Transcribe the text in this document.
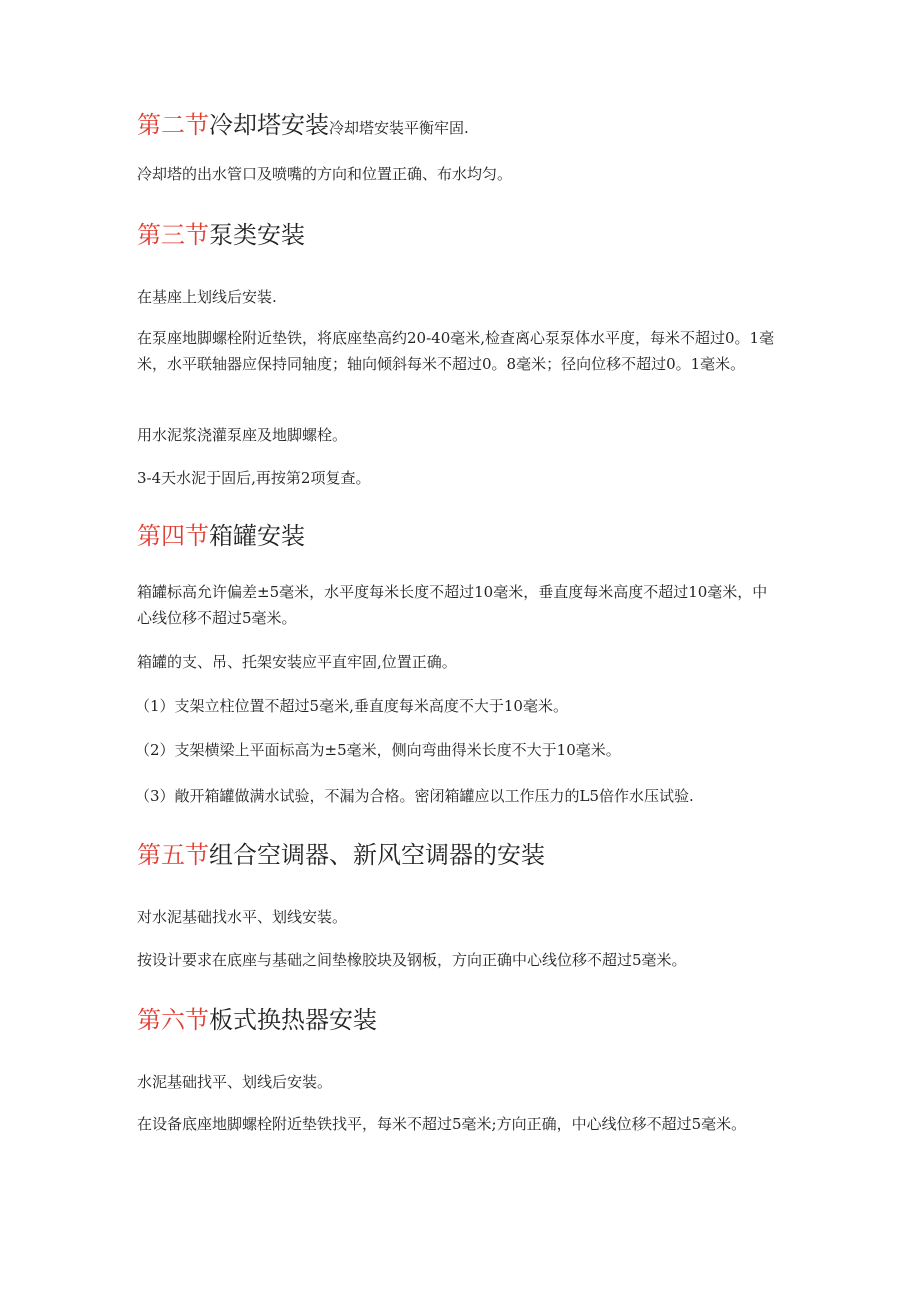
第二节冷却塔安装冷却塔安装平衡牢固.

冷却塔的出水管口及喷嘴的方向和位置正确、布水均匀。

第三节泵类安装

在基座上划线后安装.

在泵座地脚螺栓附近垫铁，将底座垫高约20-40毫米,检查离心泵泵体水平度，每米不超过0。1毫米，水平联轴器应保持同轴度；轴向倾斜每米不超过0。8毫米；径向位移不超过0。1毫米。

用水泥浆浇灌泵座及地脚螺栓。

3-4天水泥于固后,再按第2项复查。

第四节箱罐安装

箱罐标高允许偏差±5毫米，水平度每米长度不超过10毫米，垂直度每米高度不超过10毫米，中心线位移不超过5毫米。

箱罐的支、吊、托架安装应平直牢固,位置正确。

（1）支架立柱位置不超过5毫米,垂直度每米高度不大于10毫米。

（2）支架横梁上平面标高为±5毫米，侧向弯曲得米长度不大于10毫米。

（3）敞开箱罐做满水试验，不漏为合格。密闭箱罐应以工作压力的L5倍作水压试验.

第五节组合空调器、新风空调器的安装

对水泥基础找水平、划线安装。

按设计要求在底座与基础之间垫橡胶块及钢板，方向正确中心线位移不超过5毫米。

第六节板式换热器安装

水泥基础找平、划线后安装。

在设备底座地脚螺栓附近垫铁找平，每米不超过5毫米;方向正确，中心线位移不超过5毫米。
